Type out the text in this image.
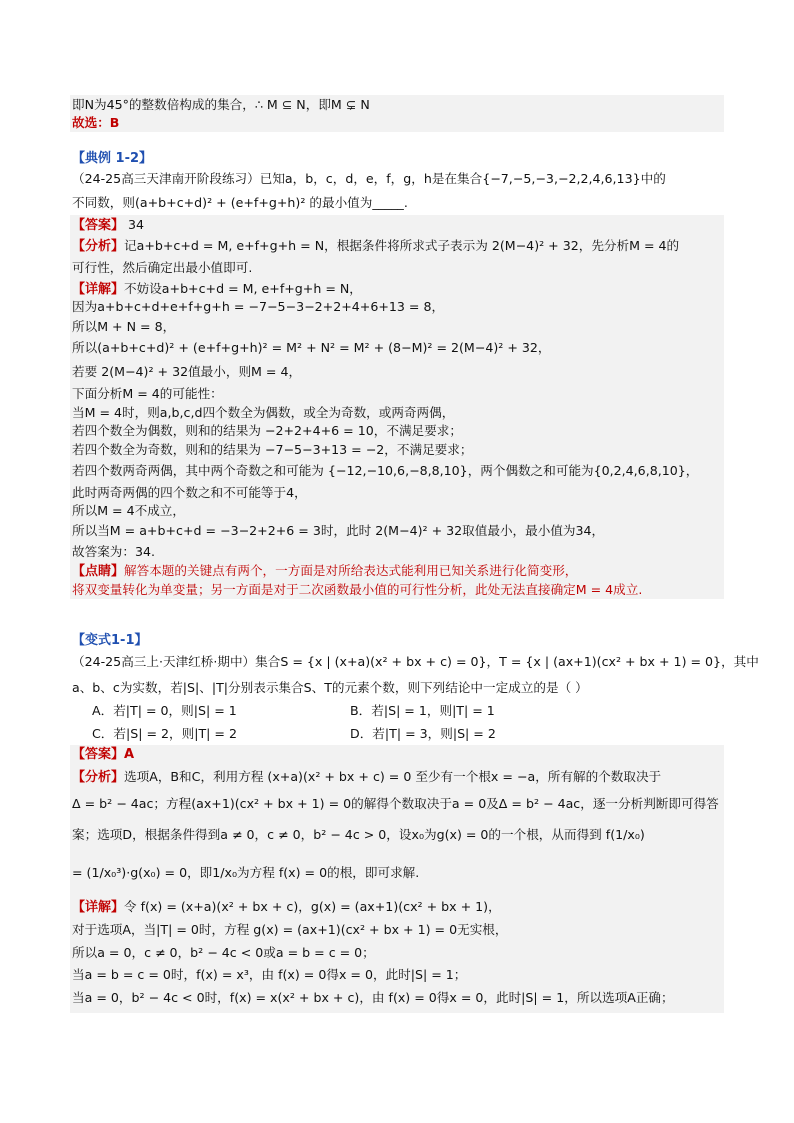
即N为45°的整数倍构成的集合，∴ M ⊆ N，即M ⊊ N
故选：B
【典例 1-2】
（24-25高三天津南开阶段练习）已知a，b，c，d，e，f，g，h是在集合{−7,−5,−3,−2,2,4,6,13}中的
不同数，则(a+b+c+d)² + (e+f+g+h)² 的最小值为_____.
【答案】 34
【分析】记a+b+c+d = M, e+f+g+h = N，根据条件将所求式子表示为 2(M−4)² + 32，先分析M = 4的
可行性，然后确定出最小值即可.
【详解】不妨设a+b+c+d = M, e+f+g+h = N，
因为a+b+c+d+e+f+g+h = −7−5−3−2+2+4+6+13 = 8，
所以M + N = 8，
所以(a+b+c+d)² + (e+f+g+h)² = M² + N² = M² + (8−M)² = 2(M−4)² + 32，
若要 2(M−4)² + 32值最小，则M = 4，
下面分析M = 4的可能性：
当M = 4时，则a,b,c,d四个数全为偶数，或全为奇数，或两奇两偶，
若四个数全为偶数，则和的结果为 −2+2+4+6 = 10，不满足要求；
若四个数全为奇数，则和的结果为 −7−5−3+13 = −2，不满足要求；
若四个数两奇两偶，其中两个奇数之和可能为 {−12,−10,6,−8,8,10}，两个偶数之和可能为{0,2,4,6,8,10}，
此时两奇两偶的四个数之和不可能等于4，
所以M = 4不成立，
所以当M = a+b+c+d = −3−2+2+6 = 3时，此时 2(M−4)² + 32取值最小，最小值为34，
故答案为：34.
【点睛】解答本题的关键点有两个，一方面是对所给表达式能利用已知关系进行化简变形，
将双变量转化为单变量；另一方面是对于二次函数最小值的可行性分析，此处无法直接确定M = 4成立.
【变式1-1】
（24-25高三上·天津红桥·期中）集合S = {x | (x+a)(x² + bx + c) = 0}，T = {x | (ax+1)(cx² + bx + 1) = 0}，其中
a、b、c为实数，若|S|、|T|分别表示集合S、T的元素个数，则下列结论中一定成立的是（ ）
A．若|T| = 0，则|S| = 1	B．若|S| = 1，则|T| = 1
C．若|S| = 2，则|T| = 2	D．若|T| = 3，则|S| = 2
【答案】A
【分析】选项A，B和C，利用方程 (x+a)(x² + bx + c) = 0 至少有一个根x = −a，所有解的个数取决于
Δ = b² − 4ac；方程(ax+1)(cx² + bx + 1) = 0的解得个数取决于a = 0及Δ = b² − 4ac，逐一分析判断即可得答
案；选项D，根据条件得到a ≠ 0，c ≠ 0，b² − 4c > 0，设x₀为g(x) = 0的一个根，从而得到 f(1/x₀)
= (1/x₀³)·g(x₀) = 0，即1/x₀为方程 f(x) = 0的根，即可求解.
【详解】令 f(x) = (x+a)(x² + bx + c)，g(x) = (ax+1)(cx² + bx + 1)，
对于选项A，当|T| = 0时，方程 g(x) = (ax+1)(cx² + bx + 1) = 0无实根，
所以a = 0，c ≠ 0，b² − 4c < 0或a = b = c = 0；
当a = b = c = 0时，f(x) = x³，由 f(x) = 0得x = 0，此时|S| = 1；
当a = 0，b² − 4c < 0时，f(x) = x(x² + bx + c)，由 f(x) = 0得x = 0，此时|S| = 1，所以选项A正确；
